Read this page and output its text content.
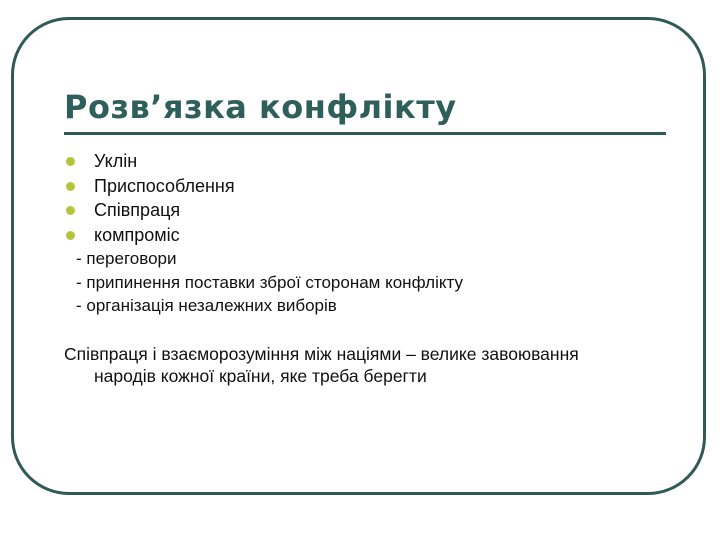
Розв’язка конфлікту
Уклін
Приспособлення
Співпраця
компроміс
- переговори
- припинення поставки зброї сторонам конфлікту
- організація незалежних виборів
Співпраця і взаєморозуміння між націями – велике завоювання
народів кожної країни, яке треба берегти
